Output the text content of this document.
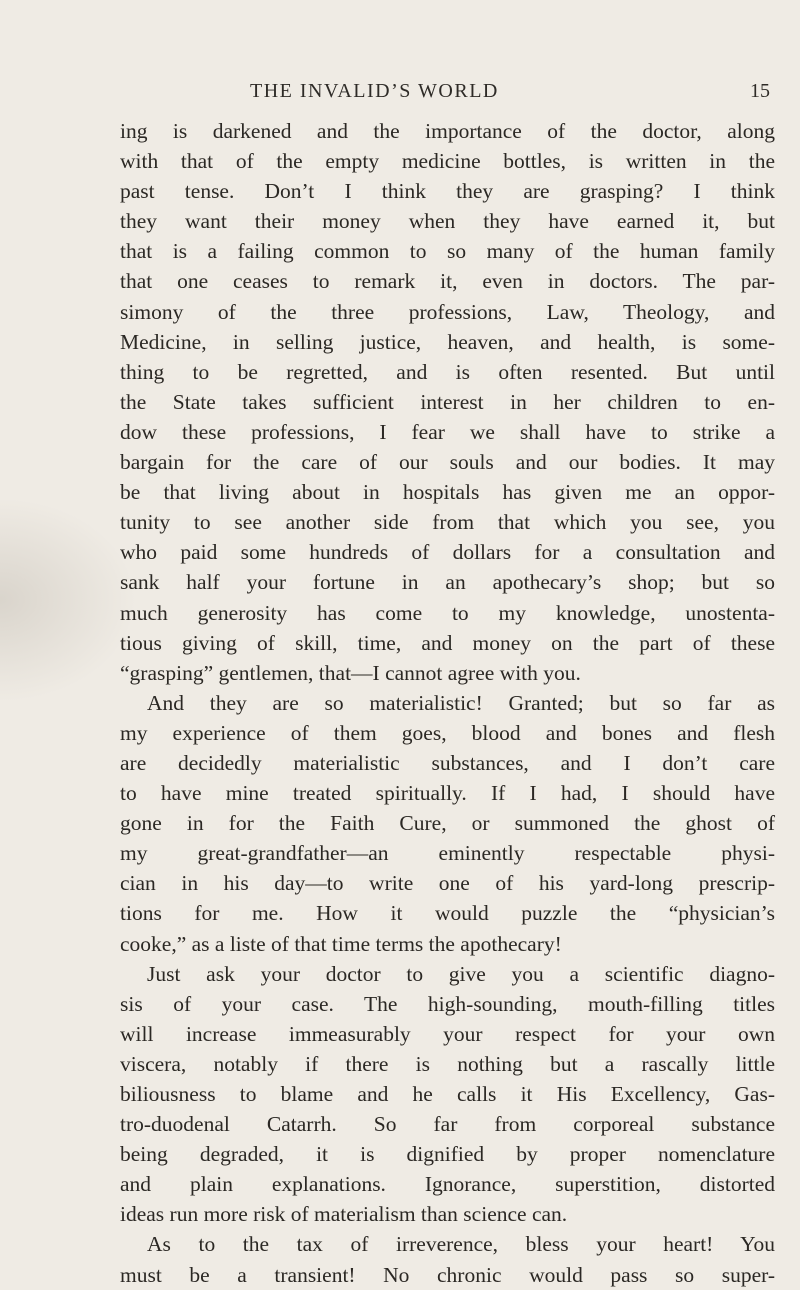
THE INVALID’S WORLD	15
ing is darkened and the importance of the doctor, along
with that of the empty medicine bottles, is written in the
past tense. Don’t I think they are grasping? I think
they want their money when they have earned it, but
that is a failing common to so many of the human family
that one ceases to remark it, even in doctors. The par-
simony of the three professions, Law, Theology, and
Medicine, in selling justice, heaven, and health, is some-
thing to be regretted, and is often resented. But until
the State takes sufficient interest in her children to en-
dow these professions, I fear we shall have to strike a
bargain for the care of our souls and our bodies. It may
be that living about in hospitals has given me an oppor-
tunity to see another side from that which you see, you
who paid some hundreds of dollars for a consultation and
sank half your fortune in an apothecary’s shop; but so
much generosity has come to my knowledge, unostenta-
tious giving of skill, time, and money on the part of these
“grasping” gentlemen, that—I cannot agree with you.
And they are so materialistic! Granted; but so far as
my experience of them goes, blood and bones and flesh
are decidedly materialistic substances, and I don’t care
to have mine treated spiritually. If I had, I should have
gone in for the Faith Cure, or summoned the ghost of
my great-grandfather—an eminently respectable physi-
cian in his day—to write one of his yard-long prescrip-
tions for me. How it would puzzle the “physician’s
cooke,” as a liste of that time terms the apothecary!
Just ask your doctor to give you a scientific diagno-
sis of your case. The high-sounding, mouth-filling titles
will increase immeasurably your respect for your own
viscera, notably if there is nothing but a rascally little
biliousness to blame and he calls it His Excellency, Gas-
tro-duodenal Catarrh. So far from corporeal substance
being degraded, it is dignified by proper nomenclature
and plain explanations. Ignorance, superstition, distorted
ideas run more risk of materialism than science can.
As to the tax of irreverence, bless your heart! You
must be a transient! No chronic would pass so super-
